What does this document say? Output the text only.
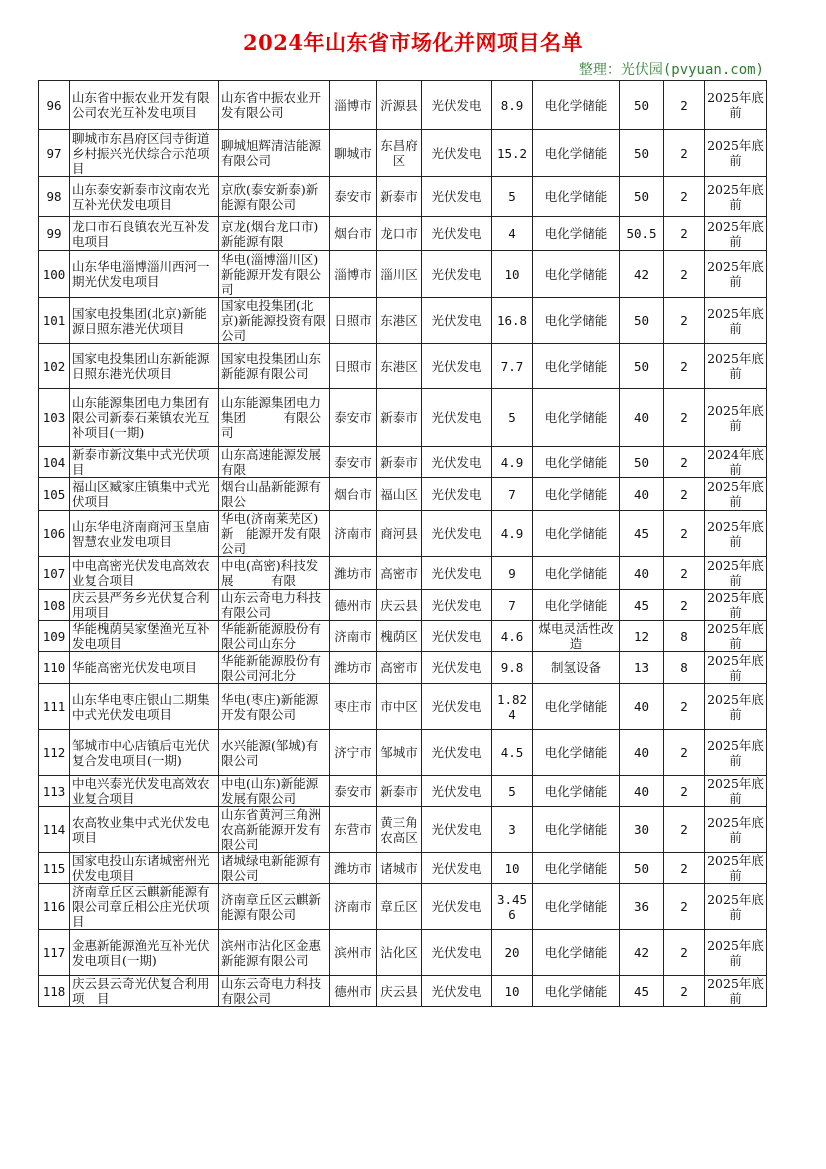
2024年山东省市场化并网项目名单
整理：光伏园(pvyuan.com)
96	山东省中振农业开发有限公司农光互补发电项目	山东省中振农业开发有限公司	淄博市	沂源县	光伏发电	8.9	电化学储能	50	2	2025年底前
97	聊城市东昌府区闫寺街道乡村振兴光伏综合示范项目	聊城旭辉清洁能源有限公司	聊城市	东昌府区	光伏发电	15.2	电化学储能	50	2	2025年底前
98	山东泰安新泰市汶南农光互补光伏发电项目	京欣(泰安新泰)新能源有限公司	泰安市	新泰市	光伏发电	5	电化学储能	50	2	2025年底前
99	龙口市石良镇农光互补发电项目	京龙(烟台龙口市)新能源有限	烟台市	龙口市	光伏发电	4	电化学储能	50.5	2	2025年底前
100	山东华电淄博淄川西河一期光伏发电项目	华电(淄博淄川区)新能源开发有限公司	淄博市	淄川区	光伏发电	10	电化学储能	42	2	2025年底前
101	国家电投集团(北京)新能源日照东港光伏项目	国家电投集团(北京)新能源投资有限公司	日照市	东港区	光伏发电	16.8	电化学储能	50	2	2025年底前
102	国家电投集团山东新能源日照东港光伏项目	国家电投集团山东新能源有限公司	日照市	东港区	光伏发电	7.7	电化学储能	50	2	2025年底前
103	山东能源集团电力集团有限公司新泰石莱镇农光互补项目(一期)	山东能源集团电力集团　　　有限公司	泰安市	新泰市	光伏发电	5	电化学储能	40	2	2025年底前
104	新泰市新汶集中式光伏项目	山东高速能源发展有限	泰安市	新泰市	光伏发电	4.9	电化学储能	50	2	2024年底前
105	福山区臧家庄镇集中式光伏项目	烟台山晶新能源有限公	烟台市	福山区	光伏发电	7	电化学储能	40	2	2025年底前
106	山东华电济南商河玉皇庙智慧农业发电项目	华电(济南莱芜区)新　能源开发有限公司	济南市	商河县	光伏发电	4.9	电化学储能	45	2	2025年底前
107	中电高密光伏发电高效农业复合项目	中电(高密)科技发展　　　有限	潍坊市	高密市	光伏发电	9	电化学储能	40	2	2025年底前
108	庆云县严务乡光伏复合利用项目	山东云奇电力科技有限公司	德州市	庆云县	光伏发电	7	电化学储能	45	2	2025年底前
109	华能槐荫吴家堡渔光互补发电项目	华能新能源股份有限公司山东分	济南市	槐荫区	光伏发电	4.6	煤电灵活性改造	12	8	2025年底前
110	华能高密光伏发电项目	华能新能源股份有限公司河北分	潍坊市	高密市	光伏发电	9.8	制氢设备	13	8	2025年底前
111	山东华电枣庄银山二期集中式光伏发电项目	华电(枣庄)新能源开发有限公司	枣庄市	市中区	光伏发电	1.824	电化学储能	40	2	2025年底前
112	邹城市中心店镇后屯光伏复合发电项目(一期)	水兴能源(邹城)有限公司	济宁市	邹城市	光伏发电	4.5	电化学储能	40	2	2025年底前
113	中电兴泰光伏发电高效农业复合项目	中电(山东)新能源发展有限公司	泰安市	新泰市	光伏发电	5	电化学储能	40	2	2025年底前
114	农高牧业集中式光伏发电 项目	山东省黄河三角洲农高新能源开发有限公司	东营市	黄三角农高区	光伏发电	3	电化学储能	30	2	2025年底前
115	国家电投山东诸城密州光伏发电项目	诸城绿电新能源有限公司	潍坊市	诸城市	光伏发电	10	电化学储能	50	2	2025年底前
116	济南章丘区云麒新能源有限公司章丘相公庄光伏项目	济南章丘区云麒新能源有限公司	济南市	章丘区	光伏发电	3.456	电化学储能	36	2	2025年底前
117	金惠新能源渔光互补光伏发电项目(一期)	滨州市沾化区金惠新能源有限公司	滨州市	沾化区	光伏发电	20	电化学储能	42	2	2025年底前
118	庆云县云奇光伏复合利用项　目	山东云奇电力科技有限公司	德州市	庆云县	光伏发电	10	电化学储能	45	2	2025年底前
